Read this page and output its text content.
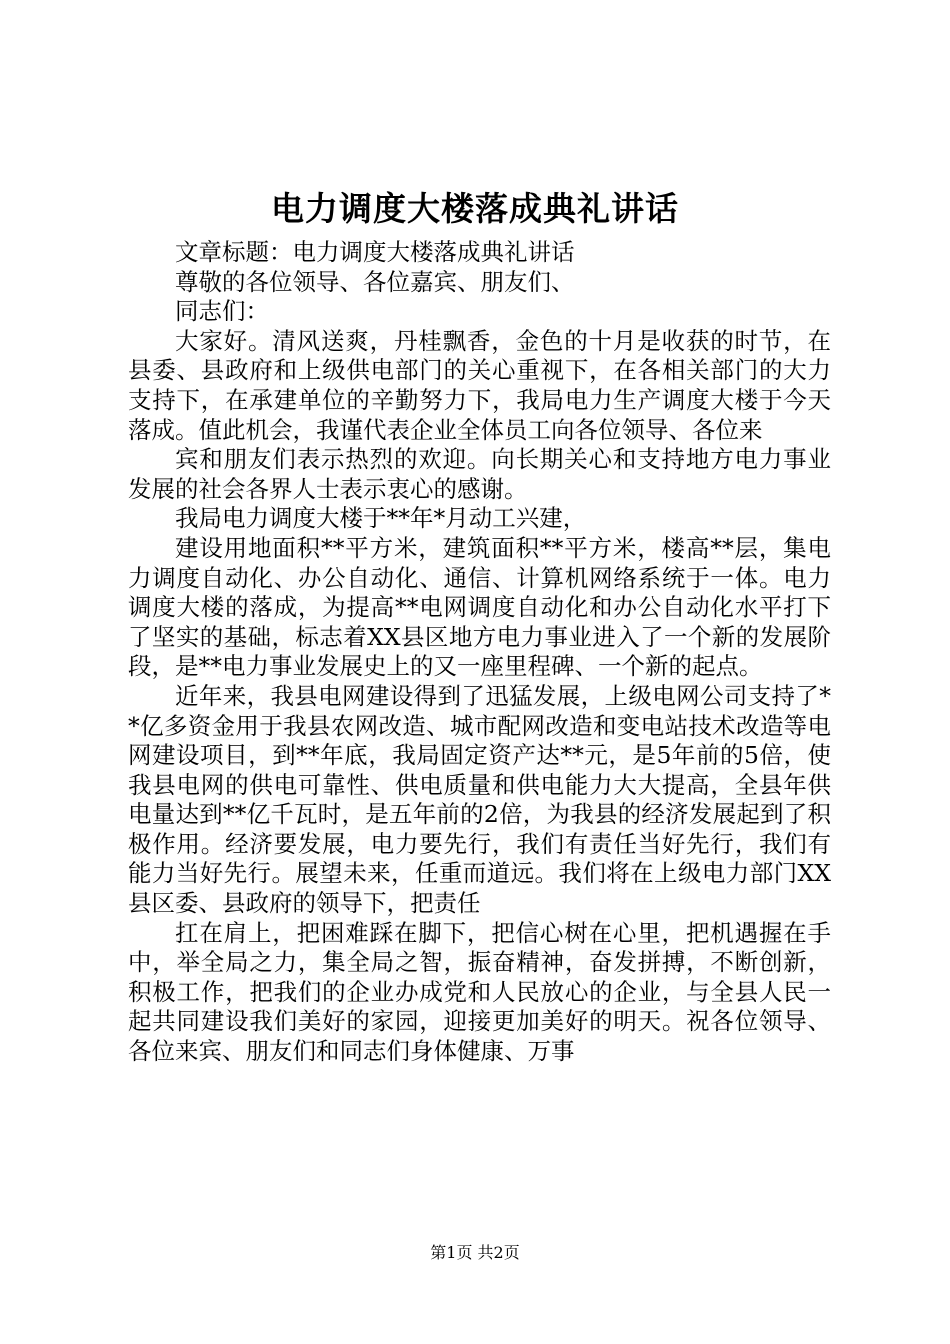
电力调度大楼落成典礼讲话

文章标题：电力调度大楼落成典礼讲话

尊敬的各位领导、各位嘉宾、朋友们、

同志们：

大家好。清风送爽，丹桂飘香，金色的十月是收获的时节，在县委、县政府和上级供电部门的关心重视下，在各相关部门的大力支持下，在承建单位的辛勤努力下，我局电力生产调度大楼于今天落成。值此机会，我谨代表企业全体员工向各位领导、各位来

宾和朋友们表示热烈的欢迎。向长期关心和支持地方电力事业发展的社会各界人士表示衷心的感谢。

我局电力调度大楼于**年*月动工兴建，

建设用地面积**平方米，建筑面积**平方米，楼高**层，集电力调度自动化、办公自动化、通信、计算机网络系统于一体。电力调度大楼的落成，为提高**电网调度自动化和办公自动化水平打下了坚实的基础，标志着XX县区地方电力事业进入了一个新的发展阶段，是**电力事业发展史上的又一座里程碑、一个新的起点。

近年来，我县电网建设得到了迅猛发展，上级电网公司支持了**亿多资金用于我县农网改造、城市配网改造和变电站技术改造等电网建设项目，到**年底，我局固定资产达**元，是5年前的5倍，使我县电网的供电可靠性、供电质量和供电能力大大提高，全县年供电量达到**亿千瓦时，是五年前的2倍，为我县的经济发展起到了积极作用。经济要发展，电力要先行，我们有责任当好先行，我们有能力当好先行。展望未来，任重而道远。我们将在上级电力部门XX县区委、县政府的领导下，把责任

扛在肩上，把困难踩在脚下，把信心树在心里，把机遇握在手中，举全局之力，集全局之智，振奋精神，奋发拼搏，不断创新，积极工作，把我们的企业办成党和人民放心的企业，与全县人民一起共同建设我们美好的家园，迎接更加美好的明天。祝各位领导、各位来宾、朋友们和同志们身体健康、万事

第1页 共2页
